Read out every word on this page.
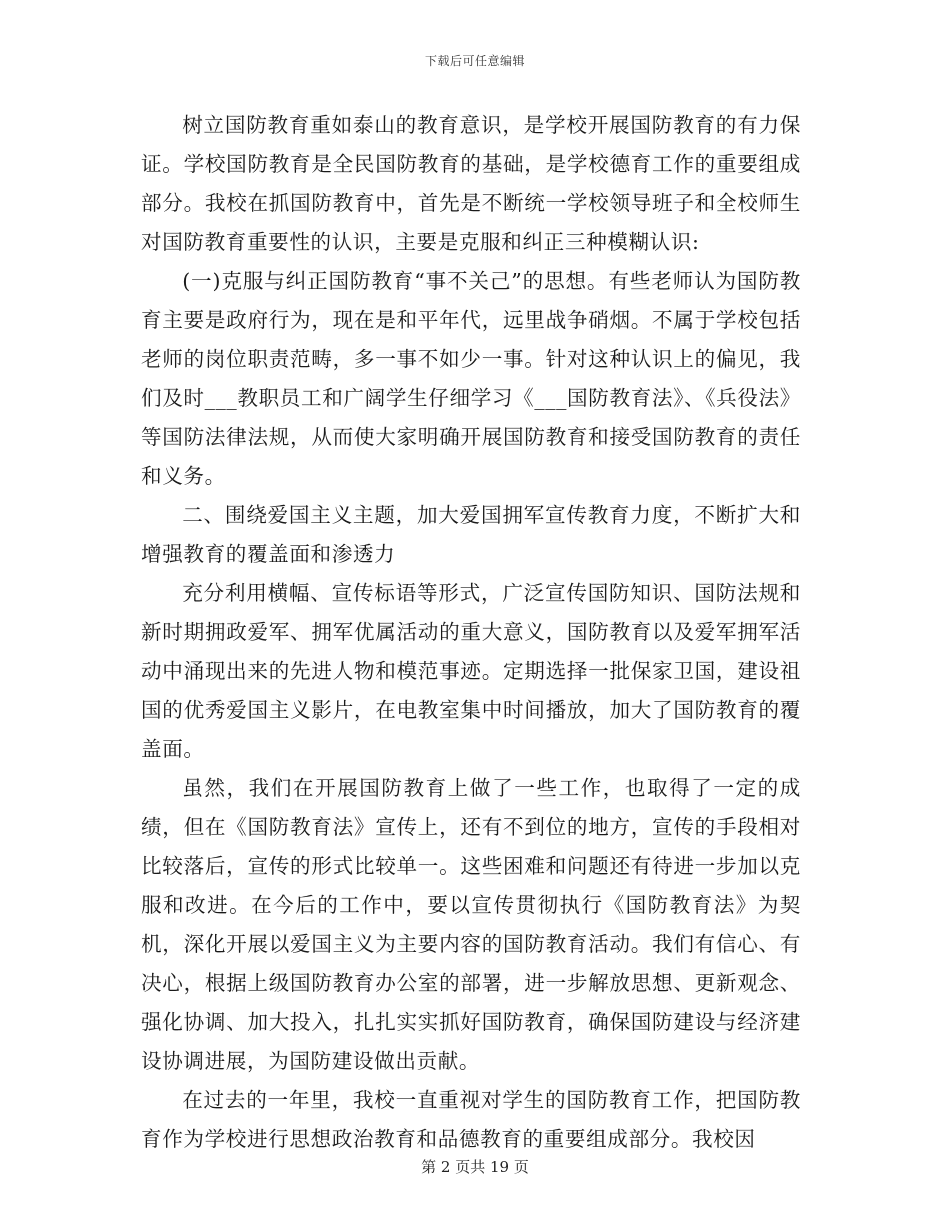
下载后可任意编辑

树立国防教育重如泰山的教育意识，是学校开展国防教育的有力保证。学校国防教育是全民国防教育的基础，是学校德育工作的重要组成部分。我校在抓国防教育中，首先是不断统一学校领导班子和全校师生对国防教育重要性的认识，主要是克服和纠正三种模糊认识:

(一)克服与纠正国防教育“事不关己”的思想。有些老师认为国防教育主要是政府行为，现在是和平年代，远里战争硝烟。不属于学校包括老师的岗位职责范畴，多一事不如少一事。针对这种认识上的偏见，我们及时___教职员工和广阔学生仔细学习《___国防教育法》、《兵役法》等国防法律法规，从而使大家明确开展国防教育和接受国防教育的责任和义务。

二、围绕爱国主义主题，加大爱国拥军宣传教育力度，不断扩大和增强教育的覆盖面和渗透力

充分利用横幅、宣传标语等形式，广泛宣传国防知识、国防法规和新时期拥政爱军、拥军优属活动的重大意义，国防教育以及爱军拥军活动中涌现出来的先进人物和模范事迹。定期选择一批保家卫国，建设祖国的优秀爱国主义影片，在电教室集中时间播放，加大了国防教育的覆盖面。

虽然，我们在开展国防教育上做了一些工作，也取得了一定的成绩，但在《国防教育法》宣传上，还有不到位的地方，宣传的手段相对比较落后，宣传的形式比较单一。这些困难和问题还有待进一步加以克服和改进。在今后的工作中，要以宣传贯彻执行《国防教育法》为契机，深化开展以爱国主义为主要内容的国防教育活动。我们有信心、有决心，根据上级国防教育办公室的部署，进一步解放思想、更新观念、强化协调、加大投入，扎扎实实抓好国防教育，确保国防建设与经济建设协调进展，为国防建设做出贡献。

在过去的一年里，我校一直重视对学生的国防教育工作，把国防教育作为学校进行思想政治教育和品德教育的重要组成部分。我校因

第 2 页共 19 页
